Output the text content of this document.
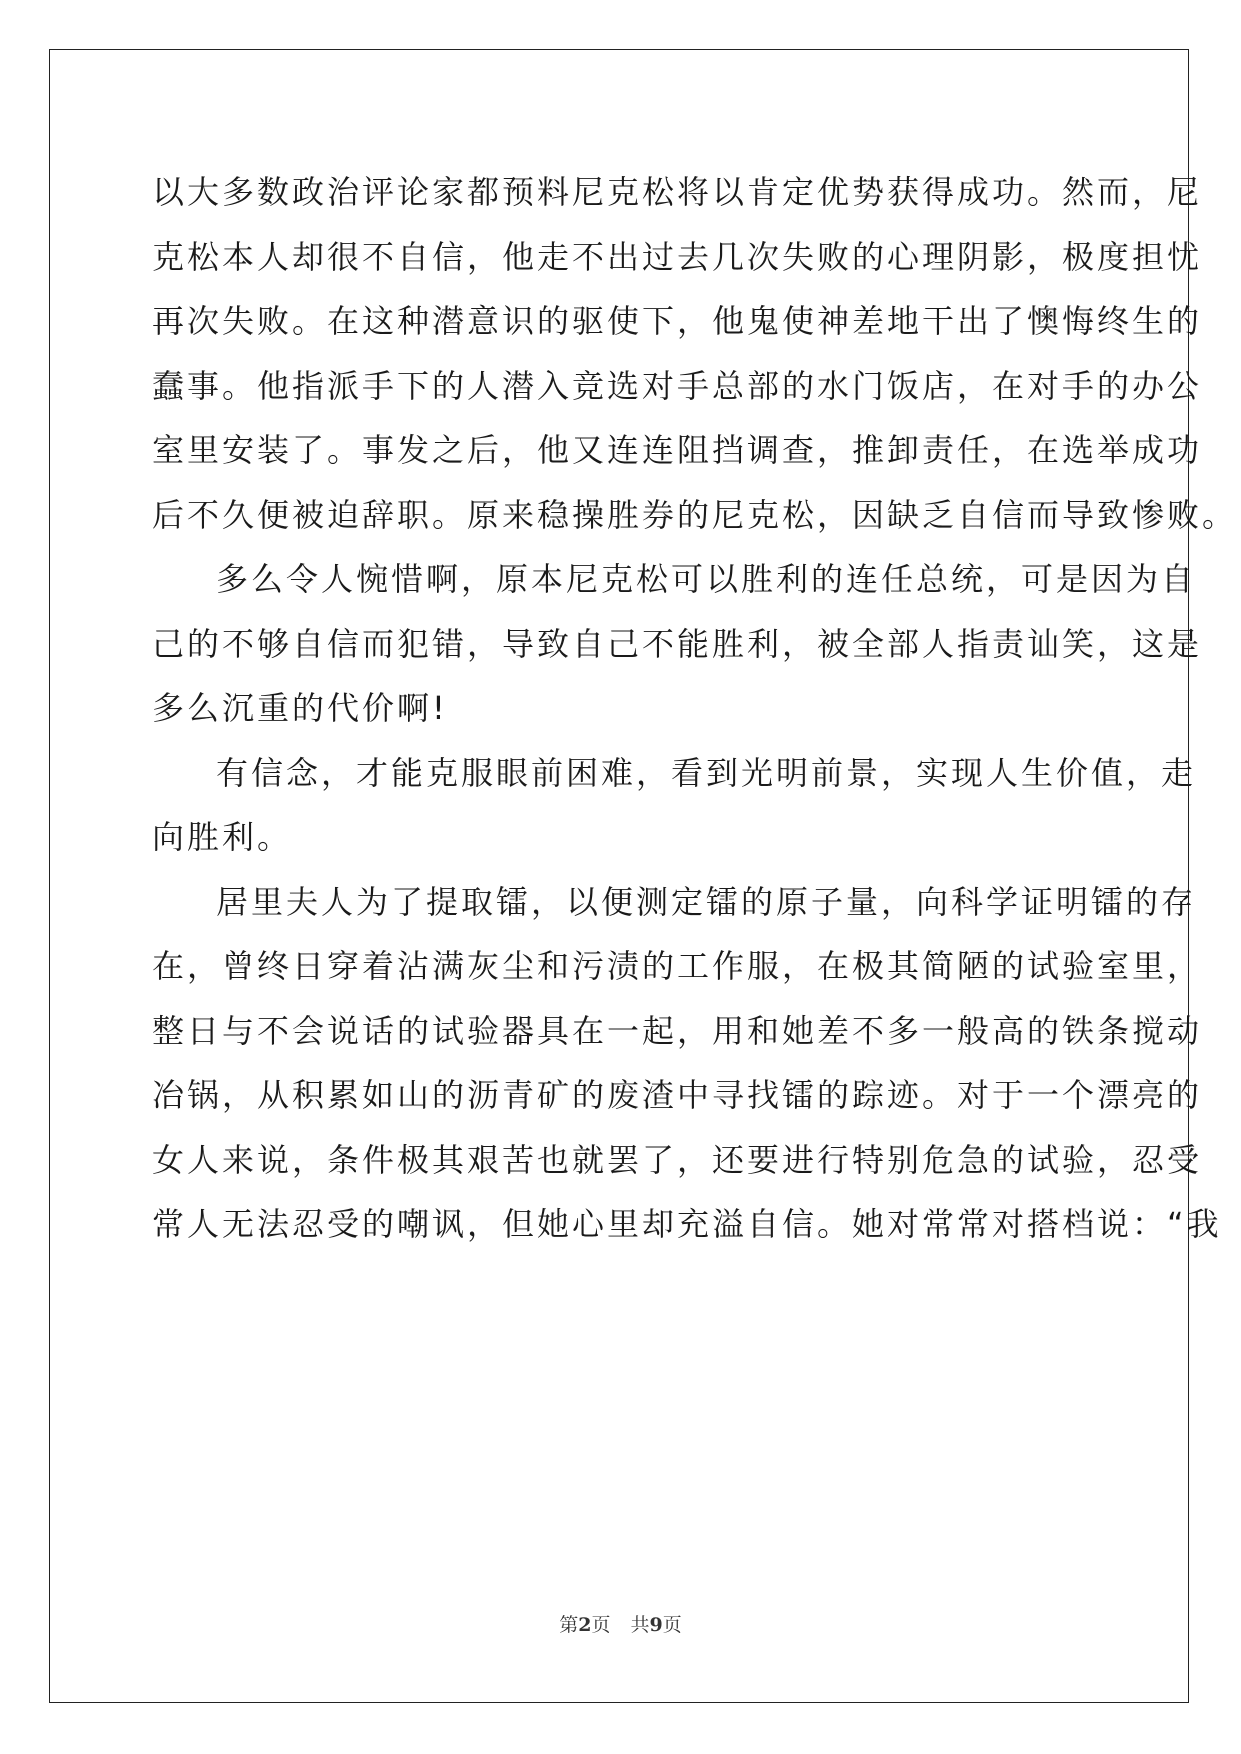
以大多数政治评论家都预料尼克松将以肯定优势获得成功。然而，尼
克松本人却很不自信，他走不出过去几次失败的心理阴影，极度担忧
再次失败。在这种潜意识的驱使下，他鬼使神差地干出了懊悔终生的
蠢事。他指派手下的人潜入竞选对手总部的水门饭店，在对手的办公
室里安装了。事发之后，他又连连阻挡调查，推卸责任，在选举成功
后不久便被迫辞职。原来稳操胜券的尼克松，因缺乏自信而导致惨败。
多么令人惋惜啊，原本尼克松可以胜利的连任总统，可是因为自
己的不够自信而犯错，导致自己不能胜利，被全部人指责讪笑，这是
多么沉重的代价啊!
有信念，才能克服眼前困难，看到光明前景，实现人生价值，走
向胜利。
居里夫人为了提取镭，以便测定镭的原子量，向科学证明镭的存
在，曾终日穿着沾满灰尘和污渍的工作服，在极其简陋的试验室里，
整日与不会说话的试验器具在一起，用和她差不多一般高的铁条搅动
冶锅，从积累如山的沥青矿的废渣中寻找镭的踪迹。对于一个漂亮的
女人来说，条件极其艰苦也就罢了，还要进行特别危急的试验，忍受
常人无法忍受的嘲讽，但她心里却充溢自信。她对常常对搭档说：“我
第2页 共9页
